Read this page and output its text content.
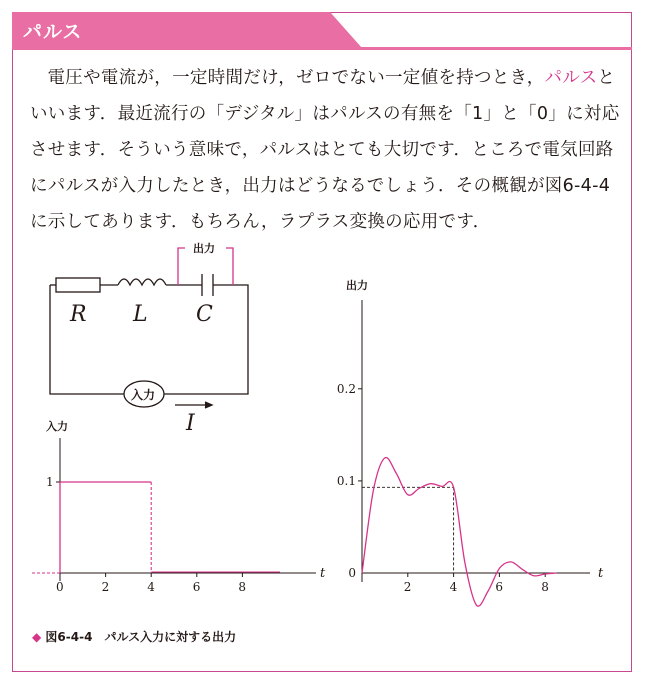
パルス
電圧や電流が，一定時間だけ，ゼロでない一定値を持つとき，パルスといいます．最近流行の「デジタル」はパルスの有無を「1」と「0」に対応させます．そういう意味で，パルスはとても大切です．ところで電気回路にパルスが入力したとき，出力はどうなるでしょう．その概観が図6-4-4に示してあります．もちろん，ラプラス変換の応用です．
出力
入力
R L C
I
入力
1
0	2	4	6	8
t
出力
0
0.1
0.2
2	4	6	8
t
◆ 図6-4-4　 パルス入力に対する出力
